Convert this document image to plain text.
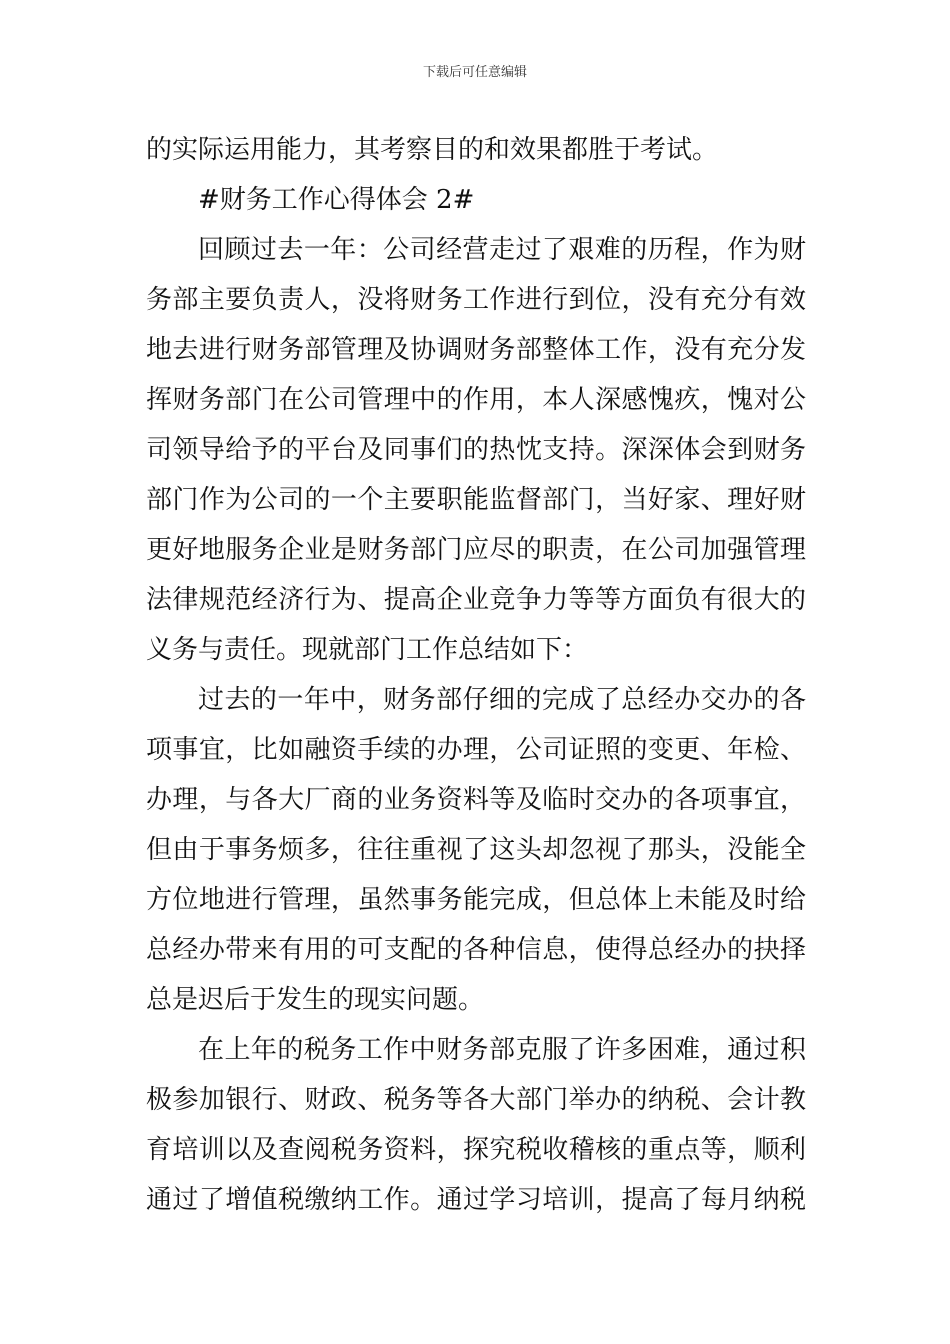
下载后可任意编辑
的实际运用能力，其考察目的和效果都胜于考试。
#财务工作心得体会 2#
回顾过去一年：公司经营走过了艰难的历程，作为财
务部主要负责人，没将财务工作进行到位，没有充分有效
地去进行财务部管理及协调财务部整体工作，没有充分发
挥财务部门在公司管理中的作用，本人深感愧疚，愧对公
司领导给予的平台及同事们的热忱支持。深深体会到财务
部门作为公司的一个主要职能监督部门，当好家、理好财
更好地服务企业是财务部门应尽的职责，在公司加强管理
法律规范经济行为、提高企业竞争力等等方面负有很大的
义务与责任。现就部门工作总结如下：
过去的一年中，财务部仔细的完成了总经办交办的各
项事宜，比如融资手续的办理，公司证照的变更、年检、
办理，与各大厂商的业务资料等及临时交办的各项事宜，
但由于事务烦多，往往重视了这头却忽视了那头，没能全
方位地进行管理，虽然事务能完成，但总体上未能及时给
总经办带来有用的可支配的各种信息，使得总经办的抉择
总是迟后于发生的现实问题。
在上年的税务工作中财务部克服了许多困难，通过积
极参加银行、财政、税务等各大部门举办的纳税、会计教
育培训以及查阅税务资料，探究税收稽核的重点等，顺利
通过了增值税缴纳工作。通过学习培训，提高了每月纳税
